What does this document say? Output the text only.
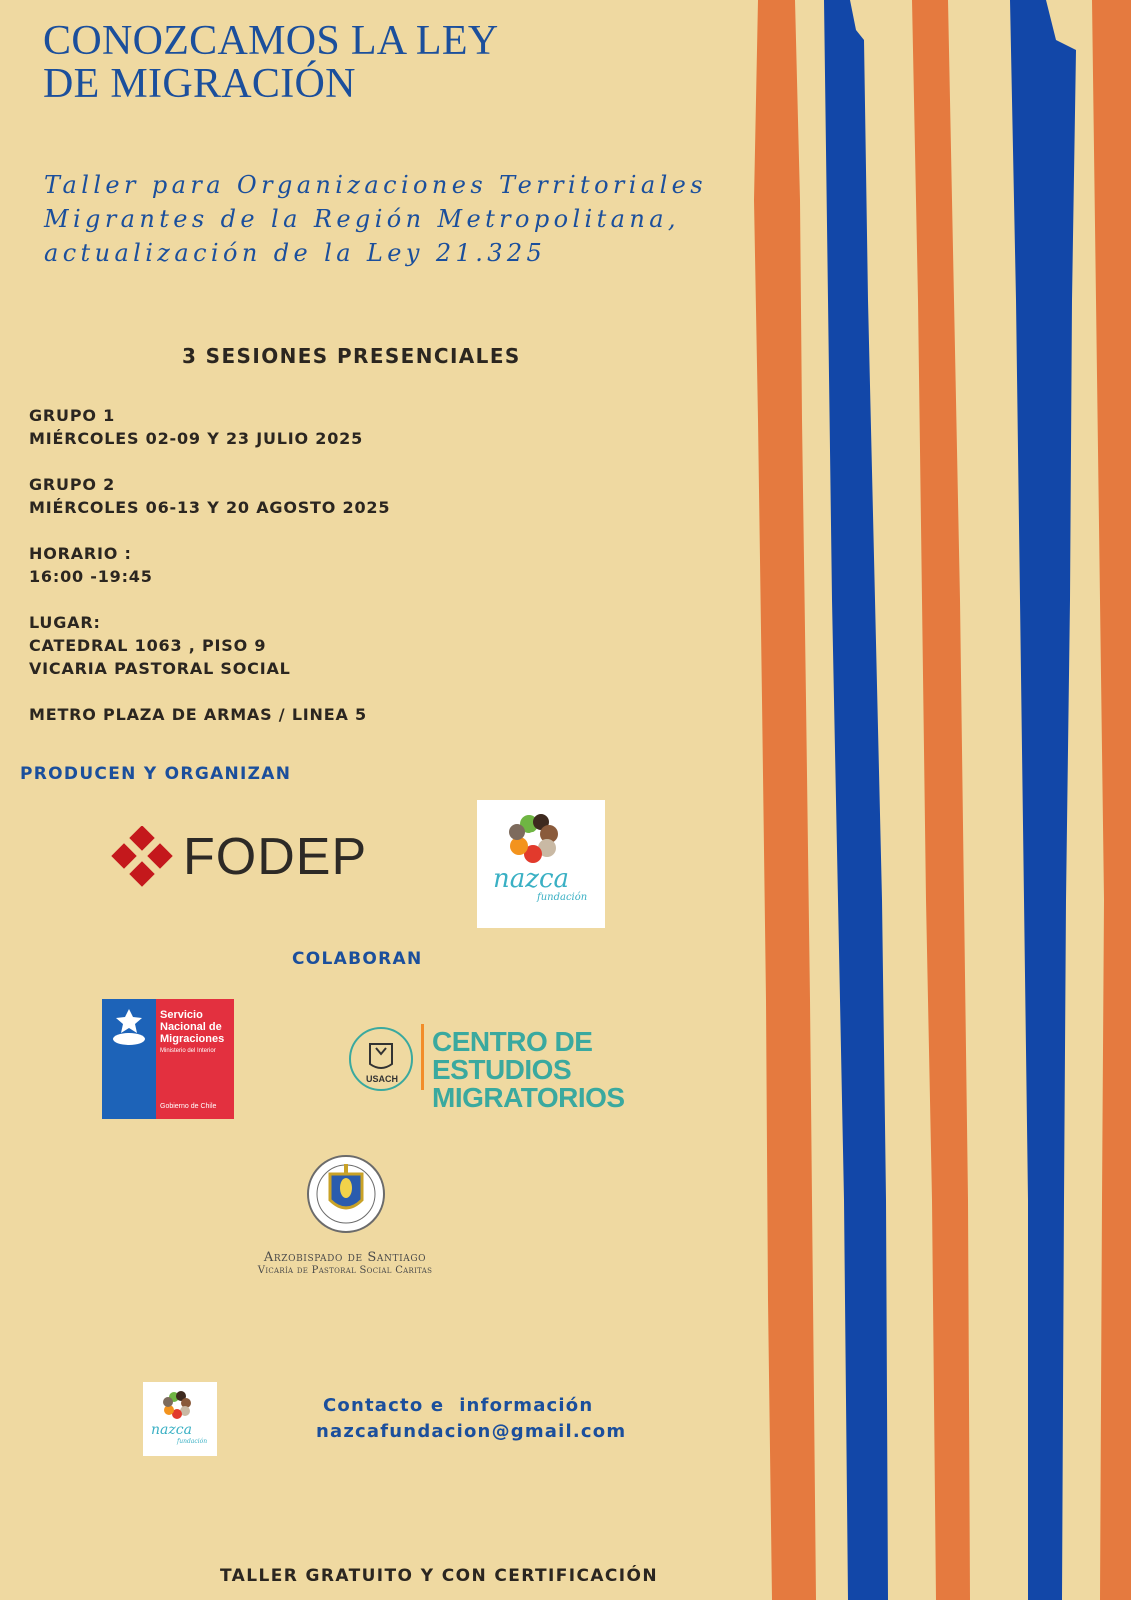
CONOZCAMOS LA LEY
DE MIGRACIÓN
Taller para Organizaciones Territoriales Migrantes de la Región Metropolitana, actualización de la Ley 21.325
3 SESIONES PRESENCIALES
GRUPO 1
MIÉRCOLES 02-09 Y 23 JULIO 2025
GRUPO 2
MIÉRCOLES 06-13 Y 20 AGOSTO 2025
HORARIO :
16:00 -19:45
LUGAR:
CATEDRAL 1063 , PISO 9
VICARIA PASTORAL SOCIAL
METRO PLAZA DE ARMAS / LINEA 5
PRODUCEN Y ORGANIZAN
FODEP	nazca
fundación
COLABORAN
Servicio
Nacional de
Migraciones
Ministerio del Interior
Gobierno de Chile
USACH
CENTRO DE ESTUDIOS
MIGRATORIOS
Arzobispado de Santiago
Vicaría de Pastoral Social Caritas
nazca
fundación
Contacto e  información
nazcafundacion@gmail.com
TALLER GRATUITO Y CON CERTIFICACIÓN
